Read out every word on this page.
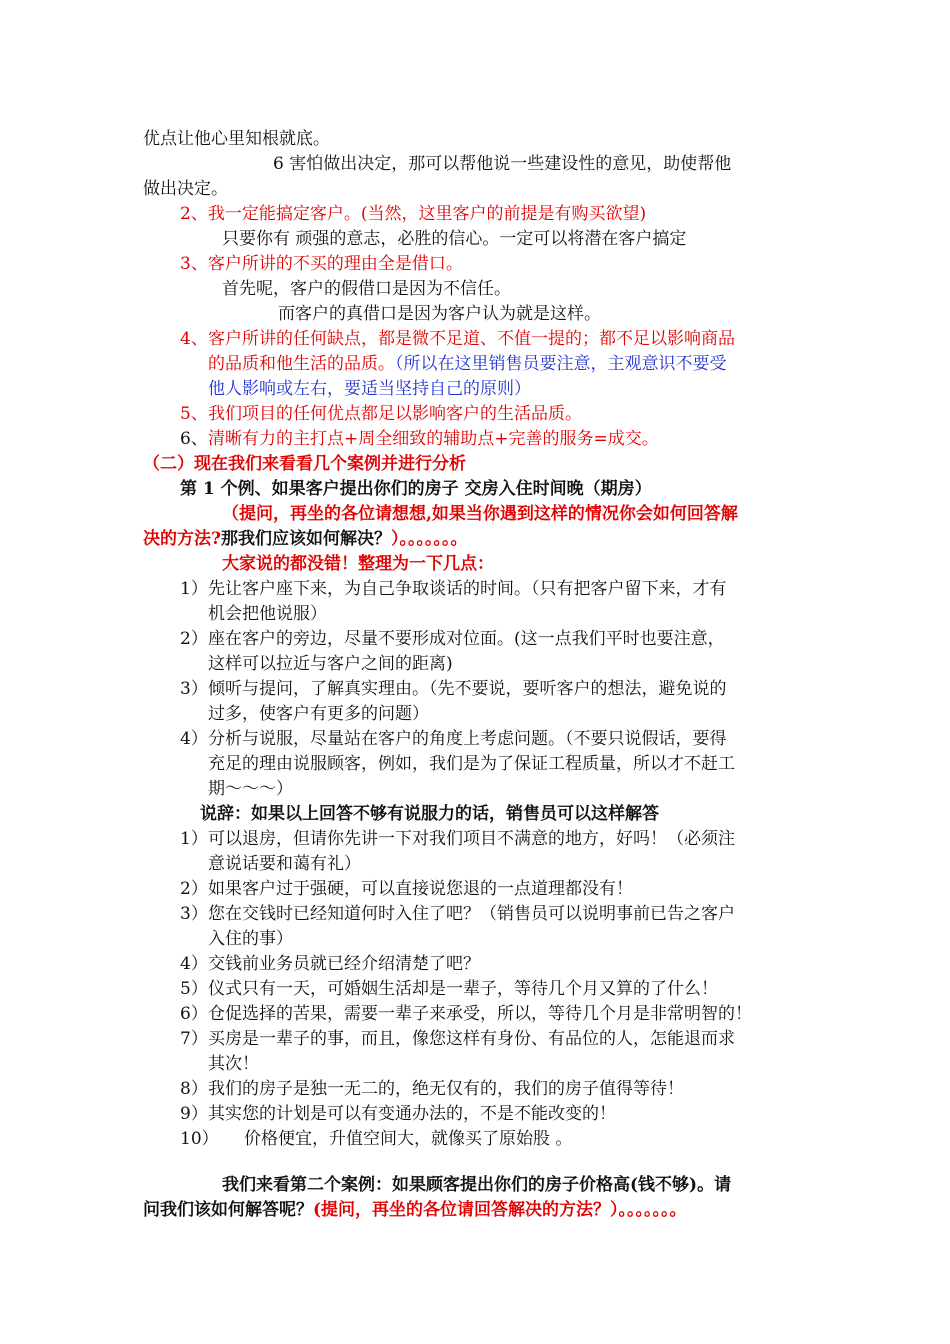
优点让他心里知根就底。
6 害怕做出决定，那可以帮他说一些建设性的意见，助使帮他
做出决定。
2、我一定能搞定客户。(当然，这里客户的前提是有购买欲望)
只要你有 顽强的意志，必胜的信心。一定可以将潜在客户搞定
3、客户所讲的不买的理由全是借口。
首先呢，客户的假借口是因为不信任。
而客户的真借口是因为客户认为就是这样。
4、 客户所讲的任何缺点，都是微不足道、不值一提的；都不足以影响商品
的品质和他生活的品质。（所以在这里销售员要注意，主观意识不要受
他人影响或左右，要适当坚持自己的原则）
5、 我们项目的任何优点都足以影响客户的生活品质。
6、 清晰有力的主打点+周全细致的辅助点+完善的服务=成交。
（二）现在我们来看看几个案例并进行分析
第 1 个例、如果客户提出你们的房子 交房入住时间晚（期房）
（提问，再坐的各位请想想,如果当你遇到这样的情况你会如何回答解
决的方法?那我们应该如何解决？）。。。。。。。
大家说的都没错！整理为一下几点：
1） 先让客户座下来，为自己争取谈话的时间。（只有把客户留下来，才有
机会把他说服）
2） 座在客户的旁边，尽量不要形成对位面。(这一点我们平时也要注意，
这样可以拉近与客户之间的距离)
3） 倾听与提问，了解真实理由。（先不要说，要听客户的想法，避免说的
过多，使客户有更多的问题）
4） 分析与说服，尽量站在客户的角度上考虑问题。（不要只说假话，要得
充足的理由说服顾客，例如，我们是为了保证工程质量，所以才不赶工
期～～～）
说辞：如果以上回答不够有说服力的话，销售员可以这样解答
1） 可以退房，但请你先讲一下对我们项目不满意的地方，好吗！（必须注
意说话要和蔼有礼）
2） 如果客户过于强硬，可以直接说您退的一点道理都没有！
3） 您在交钱时已经知道何时入住了吧？（销售员可以说明事前已告之客户
入住的事）
4） 交钱前业务员就已经介绍清楚了吧？
5） 仪式只有一天，可婚姻生活却是一辈子，等待几个月又算的了什么！
6） 仓促选择的苦果，需要一辈子来承受，所以，等待几个月是非常明智的！
7） 买房是一辈子的事，而且，像您这样有身份、有品位的人，怎能退而求
其次！
8） 我们的房子是独一无二的，绝无仅有的，我们的房子值得等待！
9） 其实您的计划是可以有变通办法的，不是不能改变的！
10） 价格便宜，升值空间大，就像买了原始股 。
我们来看第二个案例：如果顾客提出你们的房子价格高(钱不够)。请
问我们该如何解答呢？(提问，再坐的各位请回答解决的方法？）。。。。。。。
